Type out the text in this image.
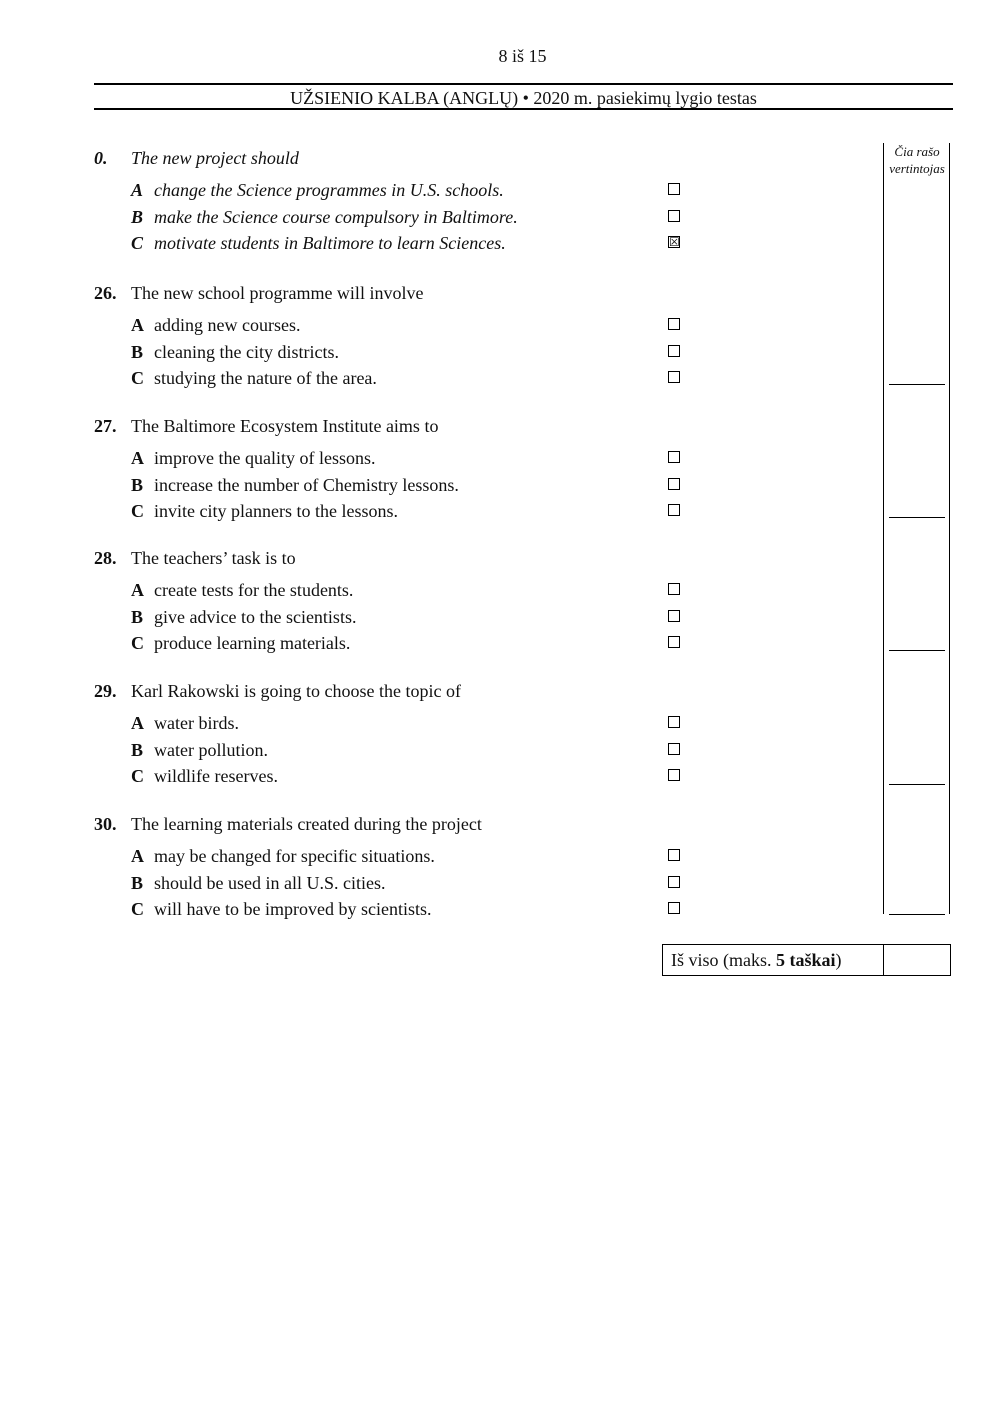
8 iš 15
UŽSIENIO KALBA (ANGLŲ) • 2020 m. pasiekimų lygio testas
Čia rašo
vertintojas
0. The new project should
A change the Science programmes in U.S. schools.
B make the Science course compulsory in Baltimore.
C motivate students in Baltimore to learn Sciences.	☒
26. The new school programme will involve
A adding new courses.
B cleaning the city districts.
C studying the nature of the area.
27. The Baltimore Ecosystem Institute aims to
A improve the quality of lessons.
B increase the number of Chemistry lessons.
C invite city planners to the lessons.
28. The teachers’ task is to
A create tests for the students.
B give advice to the scientists.
C produce learning materials.
29. Karl Rakowski is going to choose the topic of
A water birds.
B water pollution.
C wildlife reserves.
30. The learning materials created during the project
A may be changed for specific situations.
B should be used in all U.S. cities.
C will have to be improved by scientists.
Iš viso (maks. 5 taškai)
